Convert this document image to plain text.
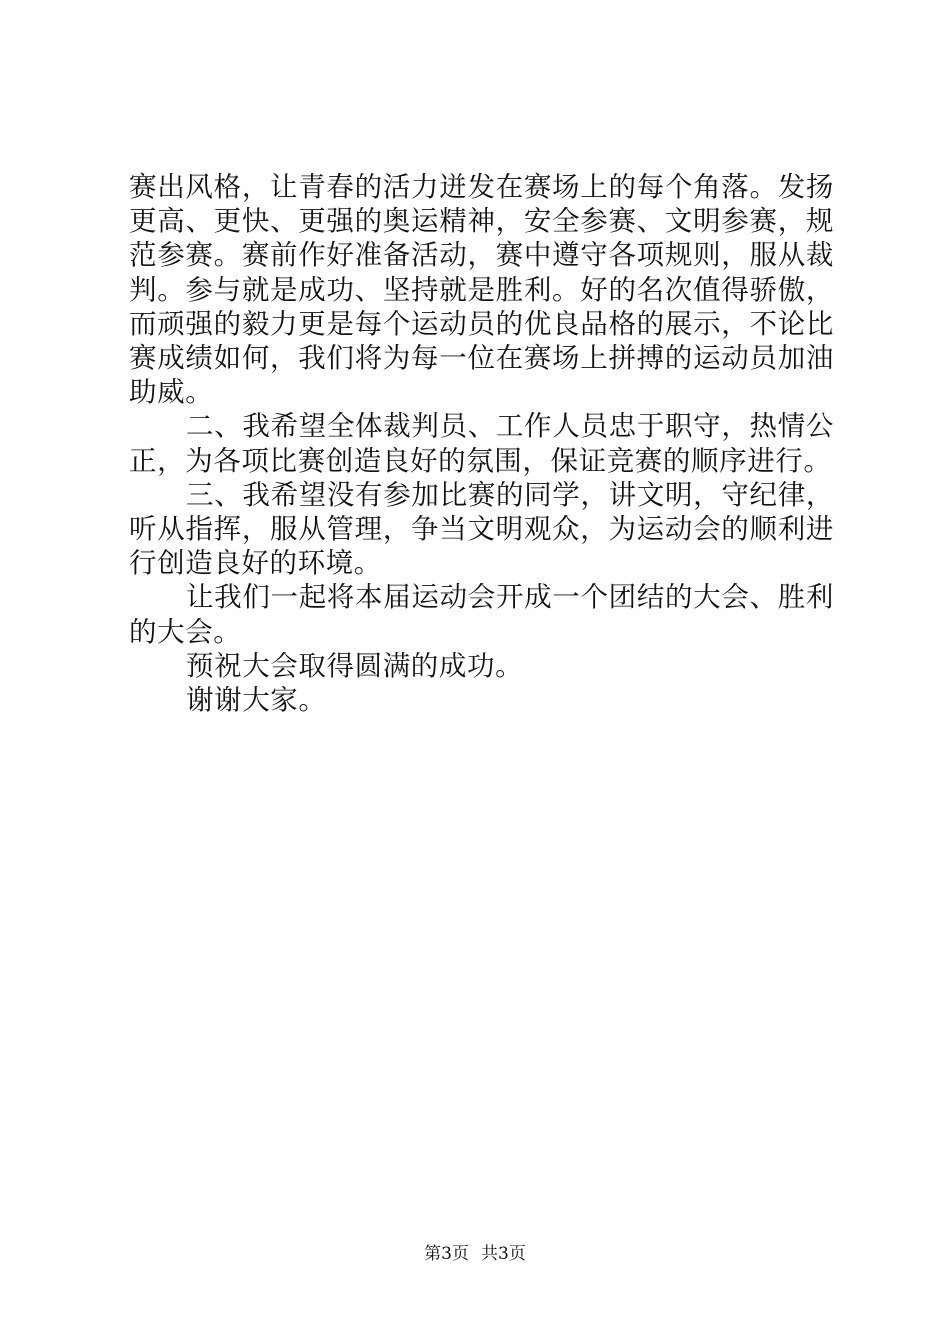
赛出风格，让青春的活力迸发在赛场上的每个角落。发扬更高、更快、更强的奥运精神，安全参赛、文明参赛，规范参赛。赛前作好准备活动，赛中遵守各项规则，服从裁判。参与就是成功、坚持就是胜利。好的名次值得骄傲，而顽强的毅力更是每个运动员的优良品格的展示，不论比赛成绩如何，我们将为每一位在赛场上拼搏的运动员加油助威。

二、我希望全体裁判员、工作人员忠于职守，热情公正，为各项比赛创造良好的氛围，保证竞赛的顺序进行。

三、我希望没有参加比赛的同学，讲文明，守纪律，听从指挥，服从管理，争当文明观众，为运动会的顺利进行创造良好的环境。

让我们一起将本届运动会开成一个团结的大会、胜利的大会。

预祝大会取得圆满的成功。

谢谢大家。

第3页 共3页
